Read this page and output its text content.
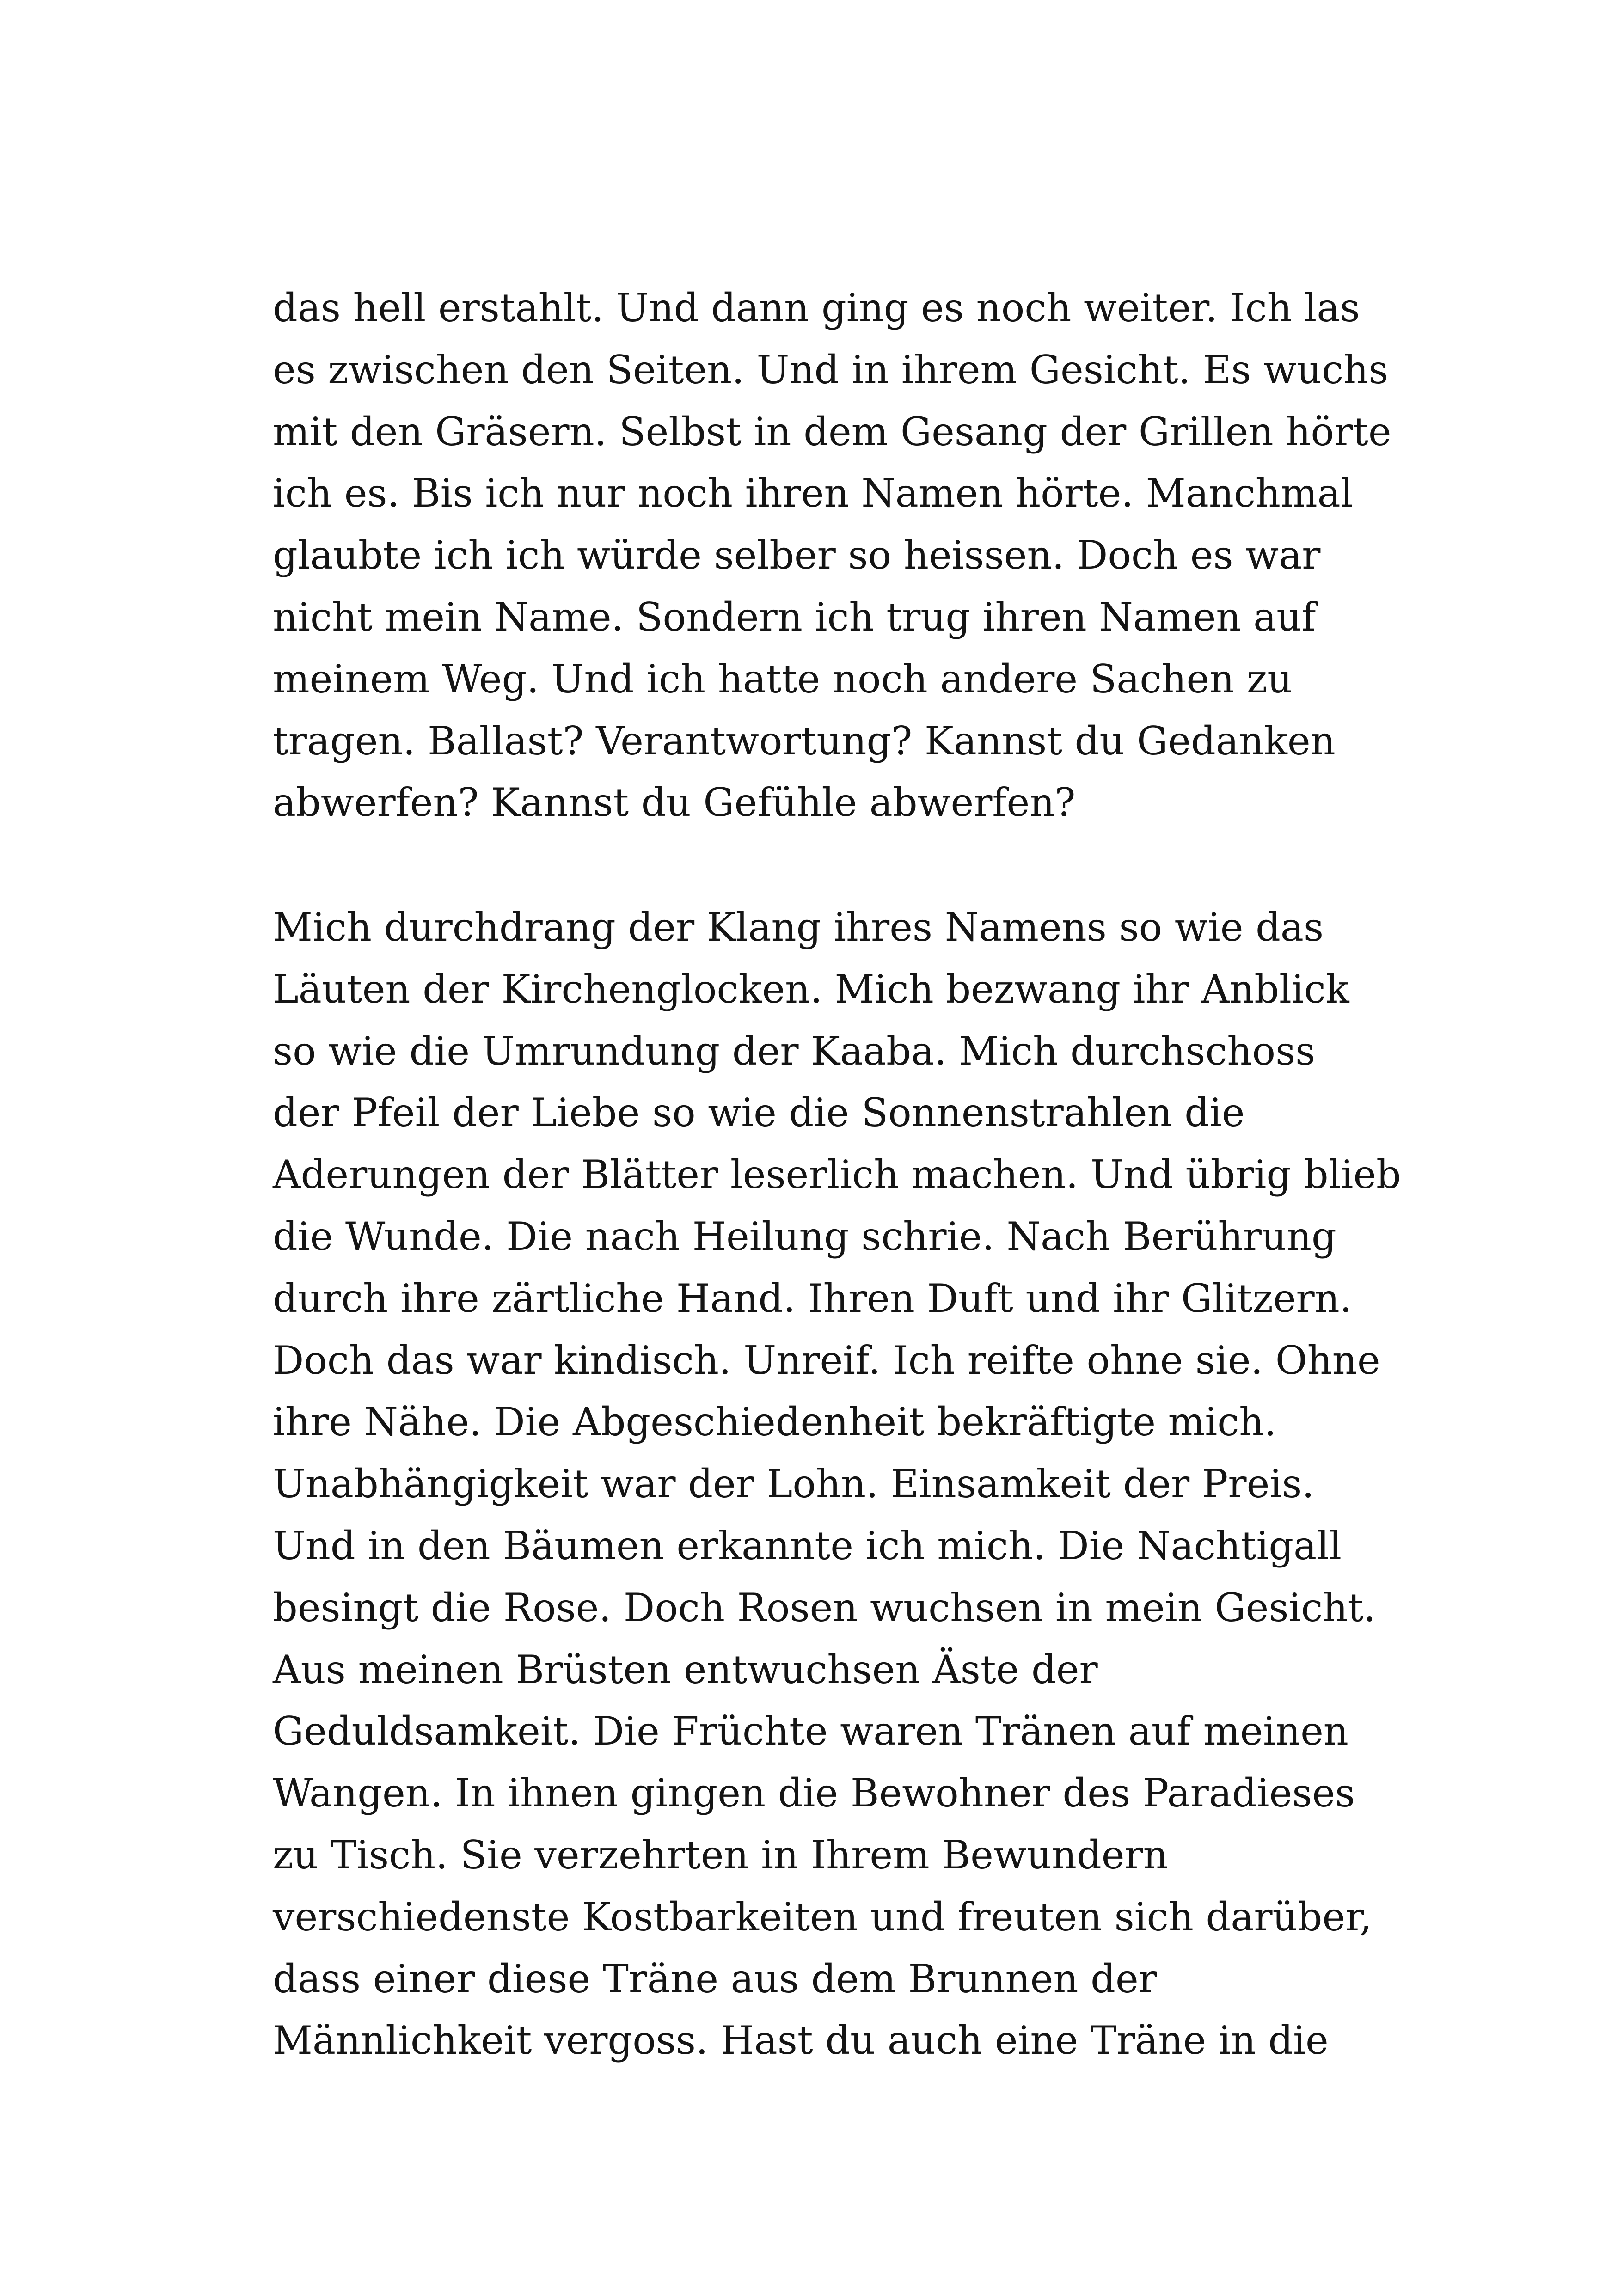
das hell erstahlt. Und dann ging es noch weiter. Ich las
es zwischen den Seiten. Und in ihrem Gesicht. Es wuchs
mit den Gräsern. Selbst in dem Gesang der Grillen hörte
ich es. Bis ich nur noch ihren Namen hörte. Manchmal
glaubte ich ich würde selber so heissen. Doch es war
nicht mein Name. Sondern ich trug ihren Namen auf
meinem Weg. Und ich hatte noch andere Sachen zu
tragen. Ballast? Verantwortung? Kannst du Gedanken
abwerfen? Kannst du Gefühle abwerfen?
Mich durchdrang der Klang ihres Namens so wie das
Läuten der Kirchenglocken. Mich bezwang ihr Anblick
so wie die Umrundung der Kaaba. Mich durchschoss
der Pfeil der Liebe so wie die Sonnenstrahlen die
Aderungen der Blätter leserlich machen. Und übrig blieb
die Wunde. Die nach Heilung schrie. Nach Berührung
durch ihre zärtliche Hand. Ihren Duft und ihr Glitzern.
Doch das war kindisch. Unreif. Ich reifte ohne sie. Ohne
ihre Nähe. Die Abgeschiedenheit bekräftigte mich.
Unabhängigkeit war der Lohn. Einsamkeit der Preis.
Und in den Bäumen erkannte ich mich. Die Nachtigall
besingt die Rose. Doch Rosen wuchsen in mein Gesicht.
Aus meinen Brüsten entwuchsen Äste der
Geduldsamkeit. Die Früchte waren Tränen auf meinen
Wangen. In ihnen gingen die Bewohner des Paradieses
zu Tisch. Sie verzehrten in Ihrem Bewundern
verschiedenste Kostbarkeiten und freuten sich darüber,
dass einer diese Träne aus dem Brunnen der
Männlichkeit vergoss. Hast du auch eine Träne in die
